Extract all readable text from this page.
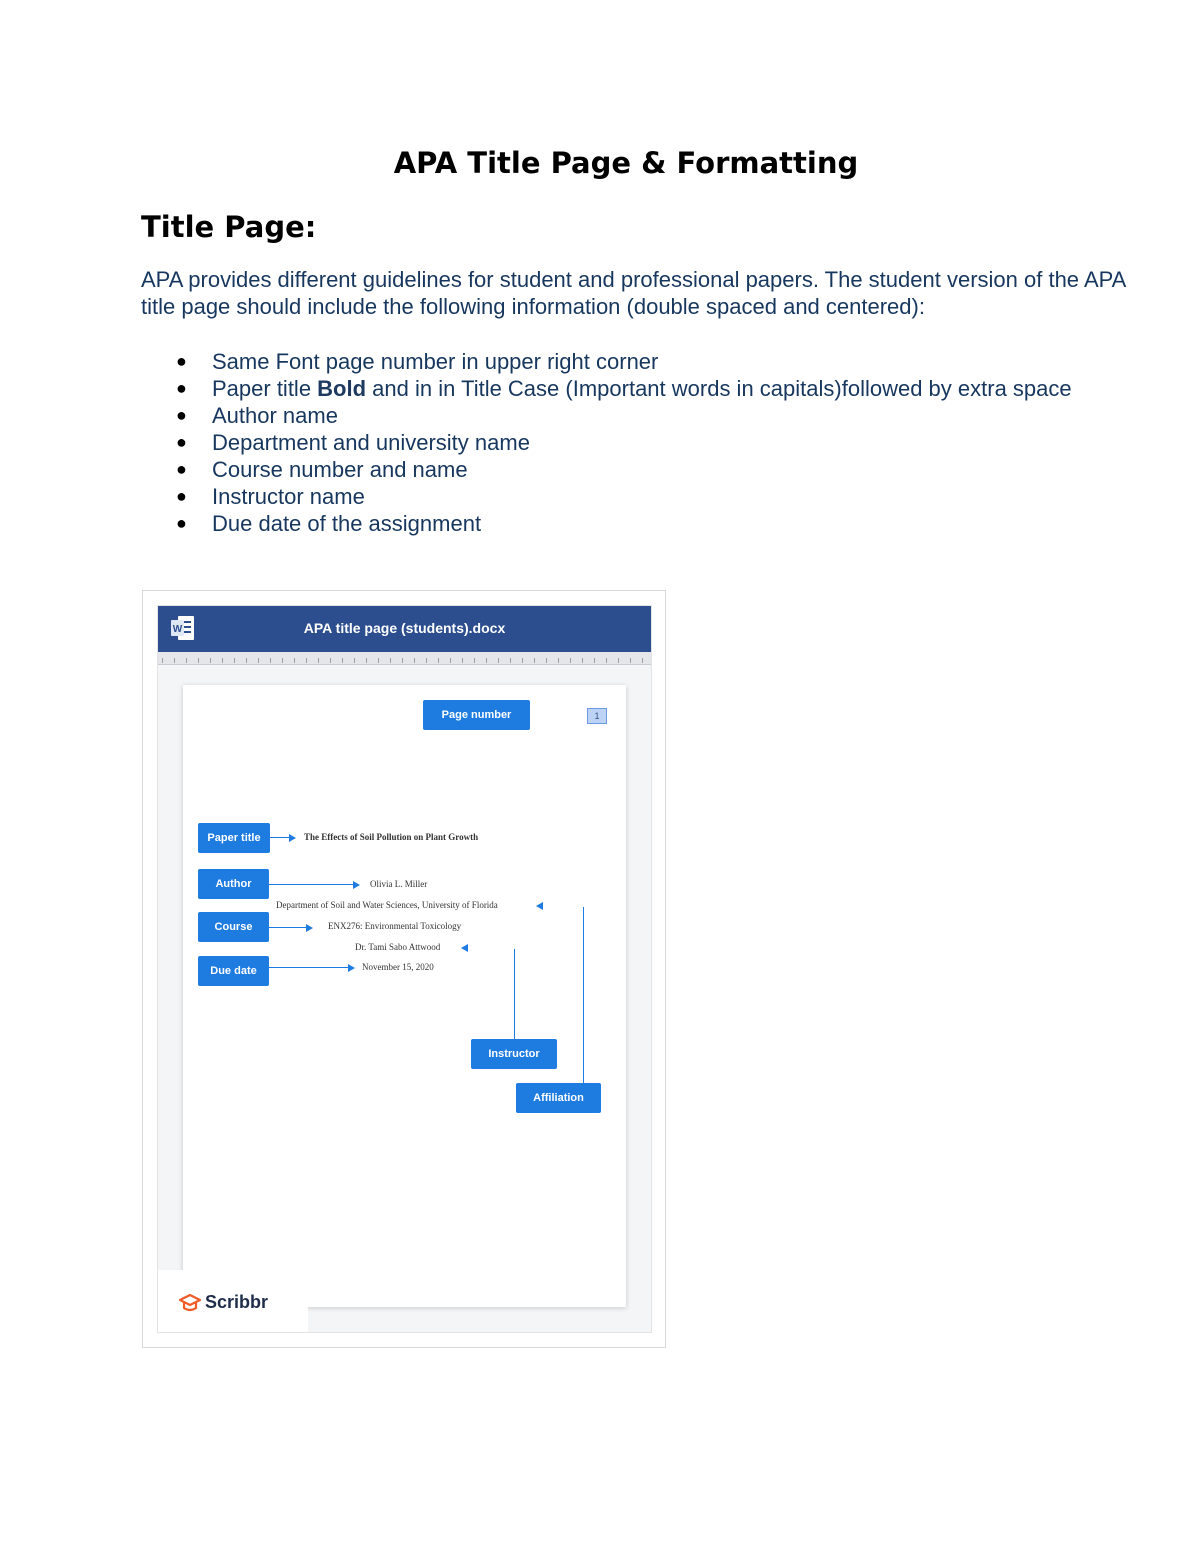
APA Title Page & Formatting
Title Page:

APA provides different guidelines for student and professional papers. The student version of the APA title page should include the following information (double spaced and centered):

● Same Font page number in upper right corner
● Paper title Bold and in in Title Case (Important words in capitals)followed by extra space
● Author name
● Department and university name
● Course number and name
● Instructor name
● Due date of the assignment
W	APA title page (students).docx
Page number	1
Paper title	The Effects of Soil Pollution on Plant Growth
Author	Olivia L. Miller
Department of Soil and Water Sciences, University of Florida
Course	ENX276: Environmental Toxicology
Dr. Tami Sabo Attwood
Due date	November 15, 2020
Instructor
Affiliation
Scribbr
